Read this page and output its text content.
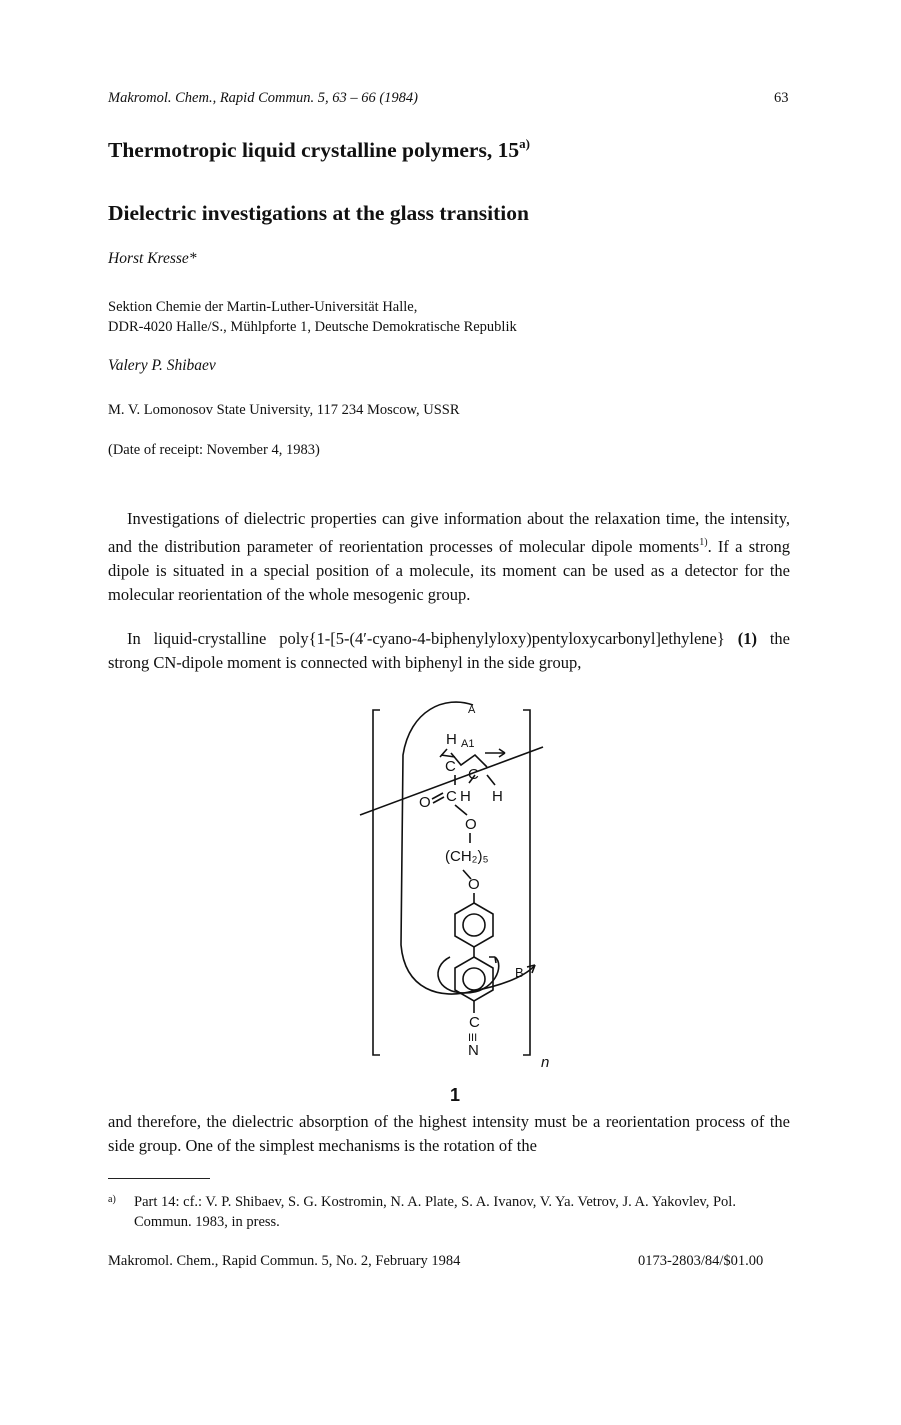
Makromol. Chem., Rapid Commun. 5, 63 – 66 (1984)	63
Thermotropic liquid crystalline polymers, 15$^{a)}$
Dielectric investigations at the glass transition
Horst Kresse*
Sektion Chemie der Martin-Luther-Universität Halle,
DDR-4020 Halle/S., Mühlpforte 1, Deutsche Demokratische Republik
Valery P. Shibaev
M. V. Lomonosov State University, 117 234 Moscow, USSR
(Date of receipt: November 4, 1983)
Investigations of dielectric properties can give information about the relaxation time, the intensity, and the distribution parameter of reorientation processes of molecular dipole moments$^{1)}$. If a strong dipole is situated in a special position of a molecule, its moment can be used as a detector for the molecular reorientation of the whole mesogenic group.
In liquid-crystalline poly{1-[5-(4′-cyano-4-biphenylyloxy)pentyloxycarbonyl]ethylene} (1) the strong CN-dipole moment is connected with biphenyl in the side group,
A
H A1
C C
O C H H
O
(CH₂)₅
O
B
C
III
N
n
1
and therefore, the dielectric absorption of the highest intensity must be a reorientation process of the side group. One of the simplest mechanisms is the rotation of the
a)	Part 14: cf.: V. P. Shibaev, S. G. Kostromin, N. A. Plate, S. A. Ivanov, V. Ya. Vetrov, J. A. Yakovlev, Pol. Commun. 1983, in press.
Makromol. Chem., Rapid Commun. 5, No. 2, February 1984	0173-2803/84/$01.00
